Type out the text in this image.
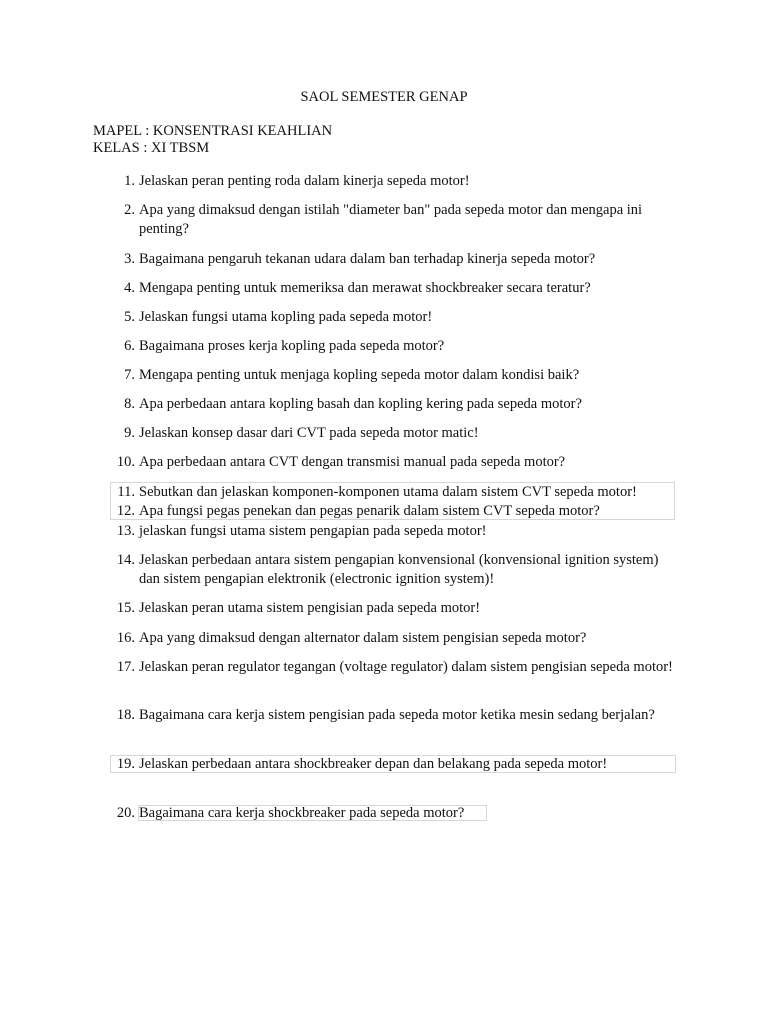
SAOL SEMESTER GENAP
MAPEL : KONSENTRASI KEAHLIAN
KELAS : XI TBSM
1. Jelaskan peran penting roda dalam kinerja sepeda motor!
2. Apa yang dimaksud dengan istilah "diameter ban" pada sepeda motor dan mengapa ini penting?
3. Bagaimana pengaruh tekanan udara dalam ban terhadap kinerja sepeda motor?
4. Mengapa penting untuk memeriksa dan merawat shockbreaker secara teratur?
5. Jelaskan fungsi utama kopling pada sepeda motor!
6. Bagaimana proses kerja kopling pada sepeda motor?
7. Mengapa penting untuk menjaga kopling sepeda motor dalam kondisi baik?
8. Apa perbedaan antara kopling basah dan kopling kering pada sepeda motor?
9. Jelaskan konsep dasar dari CVT pada sepeda motor matic!
10. Apa perbedaan antara CVT dengan transmisi manual pada sepeda motor?
11. Sebutkan dan jelaskan komponen-komponen utama dalam sistem CVT sepeda motor!
12. Apa fungsi pegas penekan dan pegas penarik dalam sistem CVT sepeda motor?
13. jelaskan fungsi utama sistem pengapian pada sepeda motor!
14. Jelaskan perbedaan antara sistem pengapian konvensional (konvensional ignition system) dan sistem pengapian elektronik (electronic ignition system)!
15. Jelaskan peran utama sistem pengisian pada sepeda motor!
16. Apa yang dimaksud dengan alternator dalam sistem pengisian sepeda motor?
17. Jelaskan peran regulator tegangan (voltage regulator) dalam sistem pengisian sepeda motor!
18. Bagaimana cara kerja sistem pengisian pada sepeda motor ketika mesin sedang berjalan?
19. Jelaskan perbedaan antara shockbreaker depan dan belakang pada sepeda motor!
20. Bagaimana cara kerja shockbreaker pada sepeda motor?
